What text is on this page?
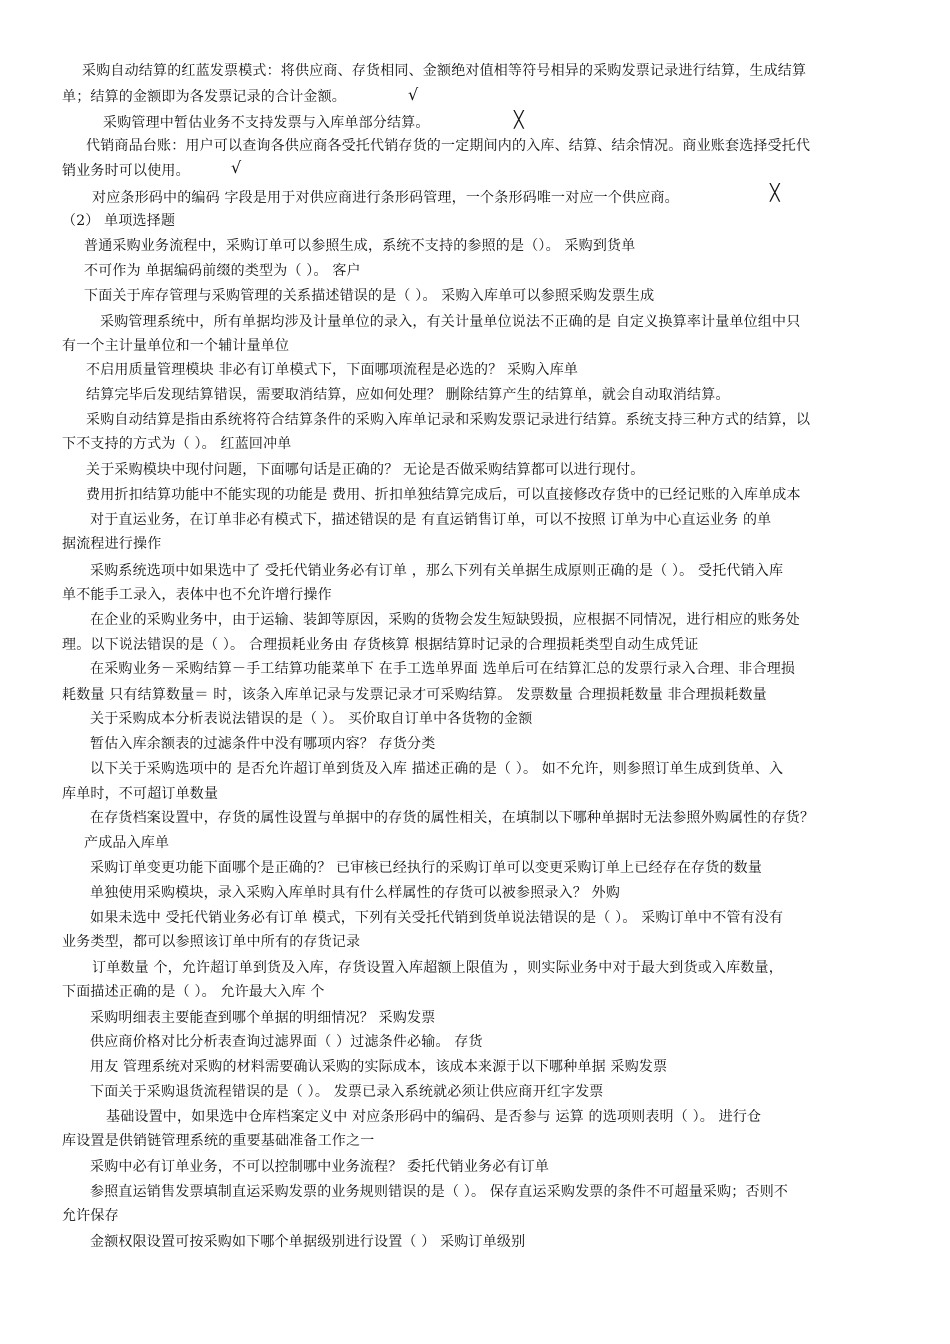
采购自动结算的红蓝发票模式：将供应商、存货相同、金额绝对值相等符号相异的采购发票记录进行结算，生成结算
单；结算的金额即为各发票记录的合计金额。	√
采购管理中暂估业务不支持发票与入库单部分结算。	╳
代销商品台账：用户可以查询各供应商各受托代销存货的一定期间内的入库、结算、结余情况。商业账套选择受托代
销业务时可以使用。	√
对应条形码中的编码 字段是用于对供应商进行条形码管理，一个条形码唯一对应一个供应商。	╳
（2） 单项选择题
普通采购业务流程中，采购订单可以参照生成，系统不支持的参照的是（）。 采购到货单
不可作为 单据编码前缀的类型为（ ）。 客户
下面关于库存管理与采购管理的关系描述错误的是（ ）。 采购入库单可以参照采购发票生成
采购管理系统中，所有单据均涉及计量单位的录入，有关计量单位说法不正确的是 自定义换算率计量单位组中只
有一个主计量单位和一个辅计量单位
不启用质量管理模块 非必有订单模式下，下面哪项流程是必选的？ 采购入库单
结算完毕后发现结算错误，需要取消结算，应如何处理？ 删除结算产生的结算单，就会自动取消结算。
采购自动结算是指由系统将符合结算条件的采购入库单记录和采购发票记录进行结算。系统支持三种方式的结算，以
下不支持的方式为（ ）。 红蓝回冲单
关于采购模块中现付问题，下面哪句话是正确的？ 无论是否做采购结算都可以进行现付。
费用折扣结算功能中不能实现的功能是 费用、折扣单独结算完成后，可以直接修改存货中的已经记账的入库单成本
对于直运业务，在订单非必有模式下，描述错误的是 有直运销售订单，可以不按照 订单为中心直运业务 的单
据流程进行操作
采购系统选项中如果选中了 受托代销业务必有订单 ，那么下列有关单据生成原则正确的是（ ）。 受托代销入库
单不能手工录入，表体中也不允许增行操作
在企业的采购业务中，由于运输、装卸等原因，采购的货物会发生短缺毁损，应根据不同情况，进行相应的账务处
理。以下说法错误的是（ ）。 合理损耗业务由 存货核算 根据结算时记录的合理损耗类型自动生成凭证
在采购业务－采购结算－手工结算功能菜单下 在手工选单界面 选单后可在结算汇总的发票行录入合理、非合理损
耗数量 只有结算数量＝ 时，该条入库单记录与发票记录才可采购结算。 发票数量 合理损耗数量 非合理损耗数量
关于采购成本分析表说法错误的是（ ）。 买价取自订单中各货物的金额
暂估入库余额表的过滤条件中没有哪项内容？ 存货分类
以下关于采购选项中的 是否允许超订单到货及入库 描述正确的是（ ）。 如不允许，则参照订单生成到货单、入
库单时，不可超订单数量
在存货档案设置中，存货的属性设置与单据中的存货的属性相关，在填制以下哪种单据时无法参照外购属性的存货？
产成品入库单
采购订单变更功能下面哪个是正确的？ 已审核已经执行的采购订单可以变更采购订单上已经存在存货的数量
单独使用采购模块，录入采购入库单时具有什么样属性的存货可以被参照录入？ 外购
如果未选中 受托代销业务必有订单 模式，下列有关受托代销到货单说法错误的是（ ）。 采购订单中不管有没有
业务类型，都可以参照该订单中所有的存货记录
订单数量 个，允许超订单到货及入库，存货设置入库超额上限值为 ，则实际业务中对于最大到货或入库数量，
下面描述正确的是（ ）。 允许最大入库 个
采购明细表主要能查到哪个单据的明细情况？ 采购发票
供应商价格对比分析表查询过滤界面（ ）过滤条件必输。 存货
用友 管理系统对采购的材料需要确认采购的实际成本，该成本来源于以下哪种单据 采购发票
下面关于采购退货流程错误的是（ ）。 发票已录入系统就必须让供应商开红字发票
基础设置中，如果选中仓库档案定义中 对应条形码中的编码、是否参与 运算 的选项则表明（ ）。 进行仓
库设置是供销链管理系统的重要基础准备工作之一
采购中必有订单业务，不可以控制哪中业务流程？ 委托代销业务必有订单
参照直运销售发票填制直运采购发票的业务规则错误的是（ ）。 保存直运采购发票的条件不可超量采购；否则不
允许保存
金额权限设置可按采购如下哪个单据级别进行设置（ ） 采购订单级别
